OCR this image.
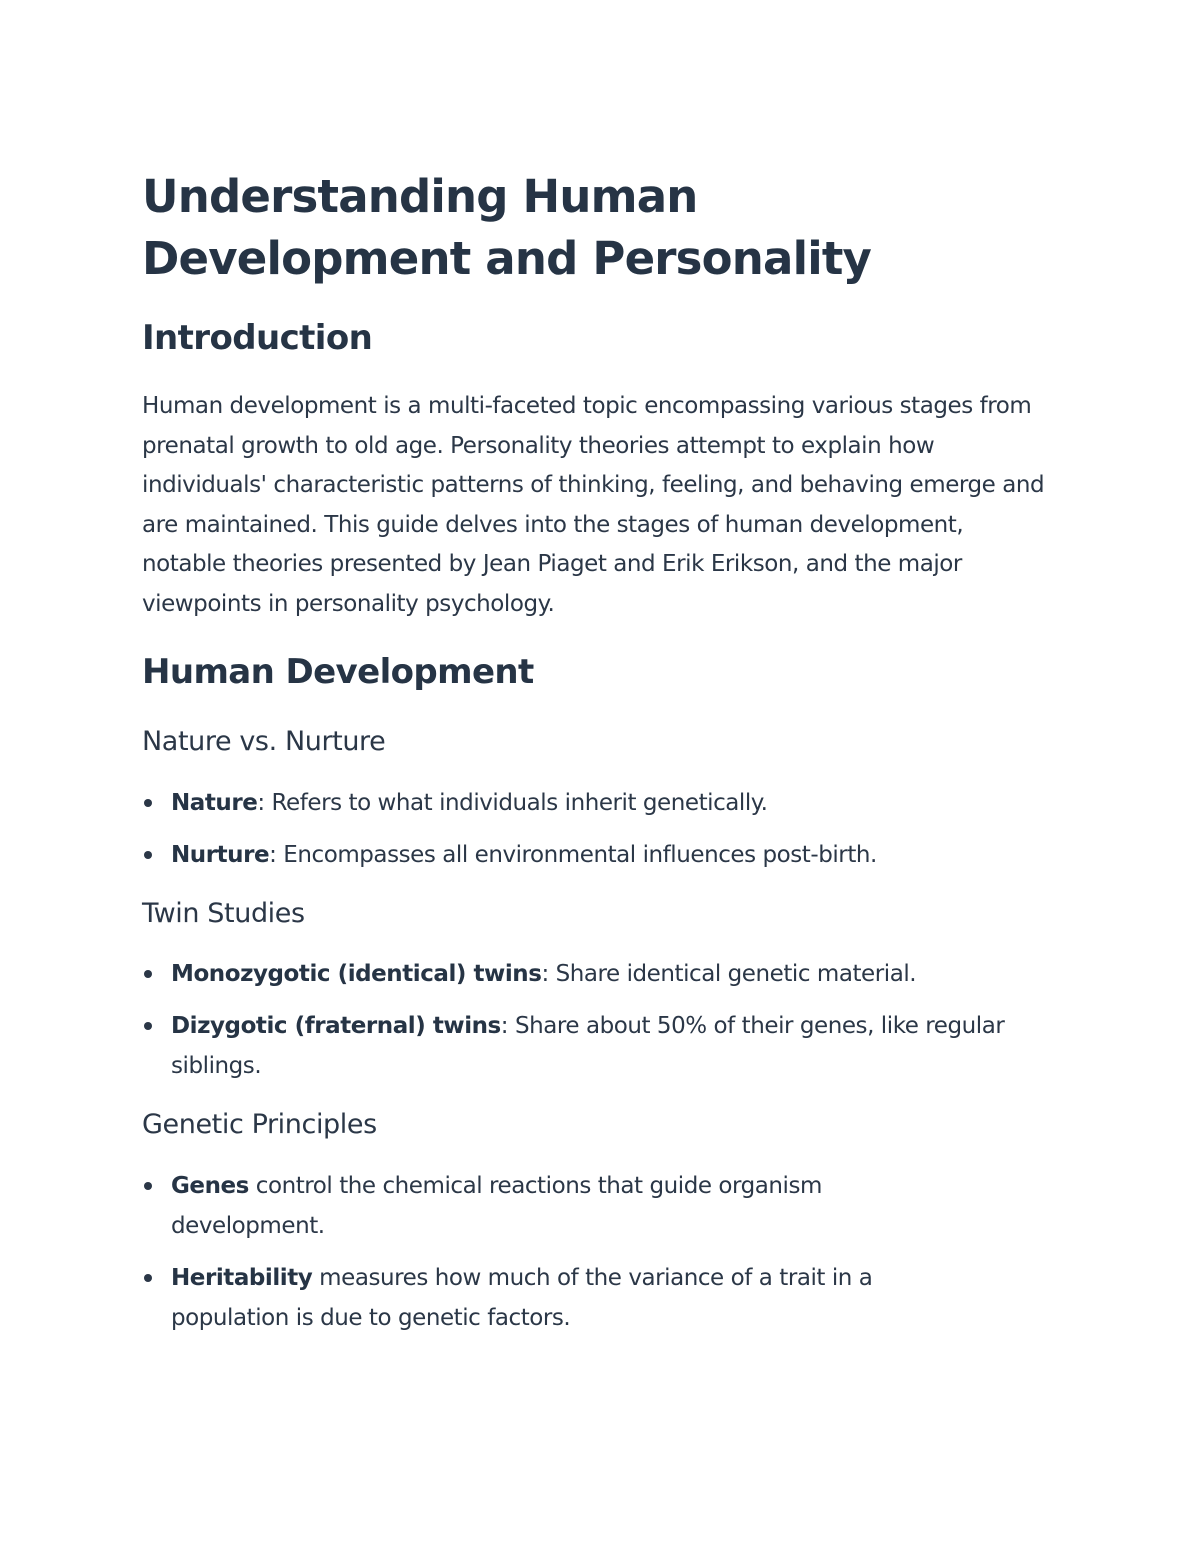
Understanding Human Development and Personality
Introduction

Human development is a multi-faceted topic encompassing various stages from prenatal growth to old age. Personality theories attempt to explain how individuals' characteristic patterns of thinking, feeling, and behaving emerge and are maintained. This guide delves into the stages of human development, notable theories presented by Jean Piaget and Erik Erikson, and the major viewpoints in personality psychology.

Human Development
Nature vs. Nurture
Nature: Refers to what individuals inherit genetically.
Nurture: Encompasses all environmental influences post-birth.
Twin Studies
Monozygotic (identical) twins: Share identical genetic material.
Dizygotic (fraternal) twins: Share about 50% of their genes, like regular siblings.
Genetic Principles
Genes control the chemical reactions that guide organism development.
Heritability measures how much of the variance of a trait in a population is due to genetic factors.
